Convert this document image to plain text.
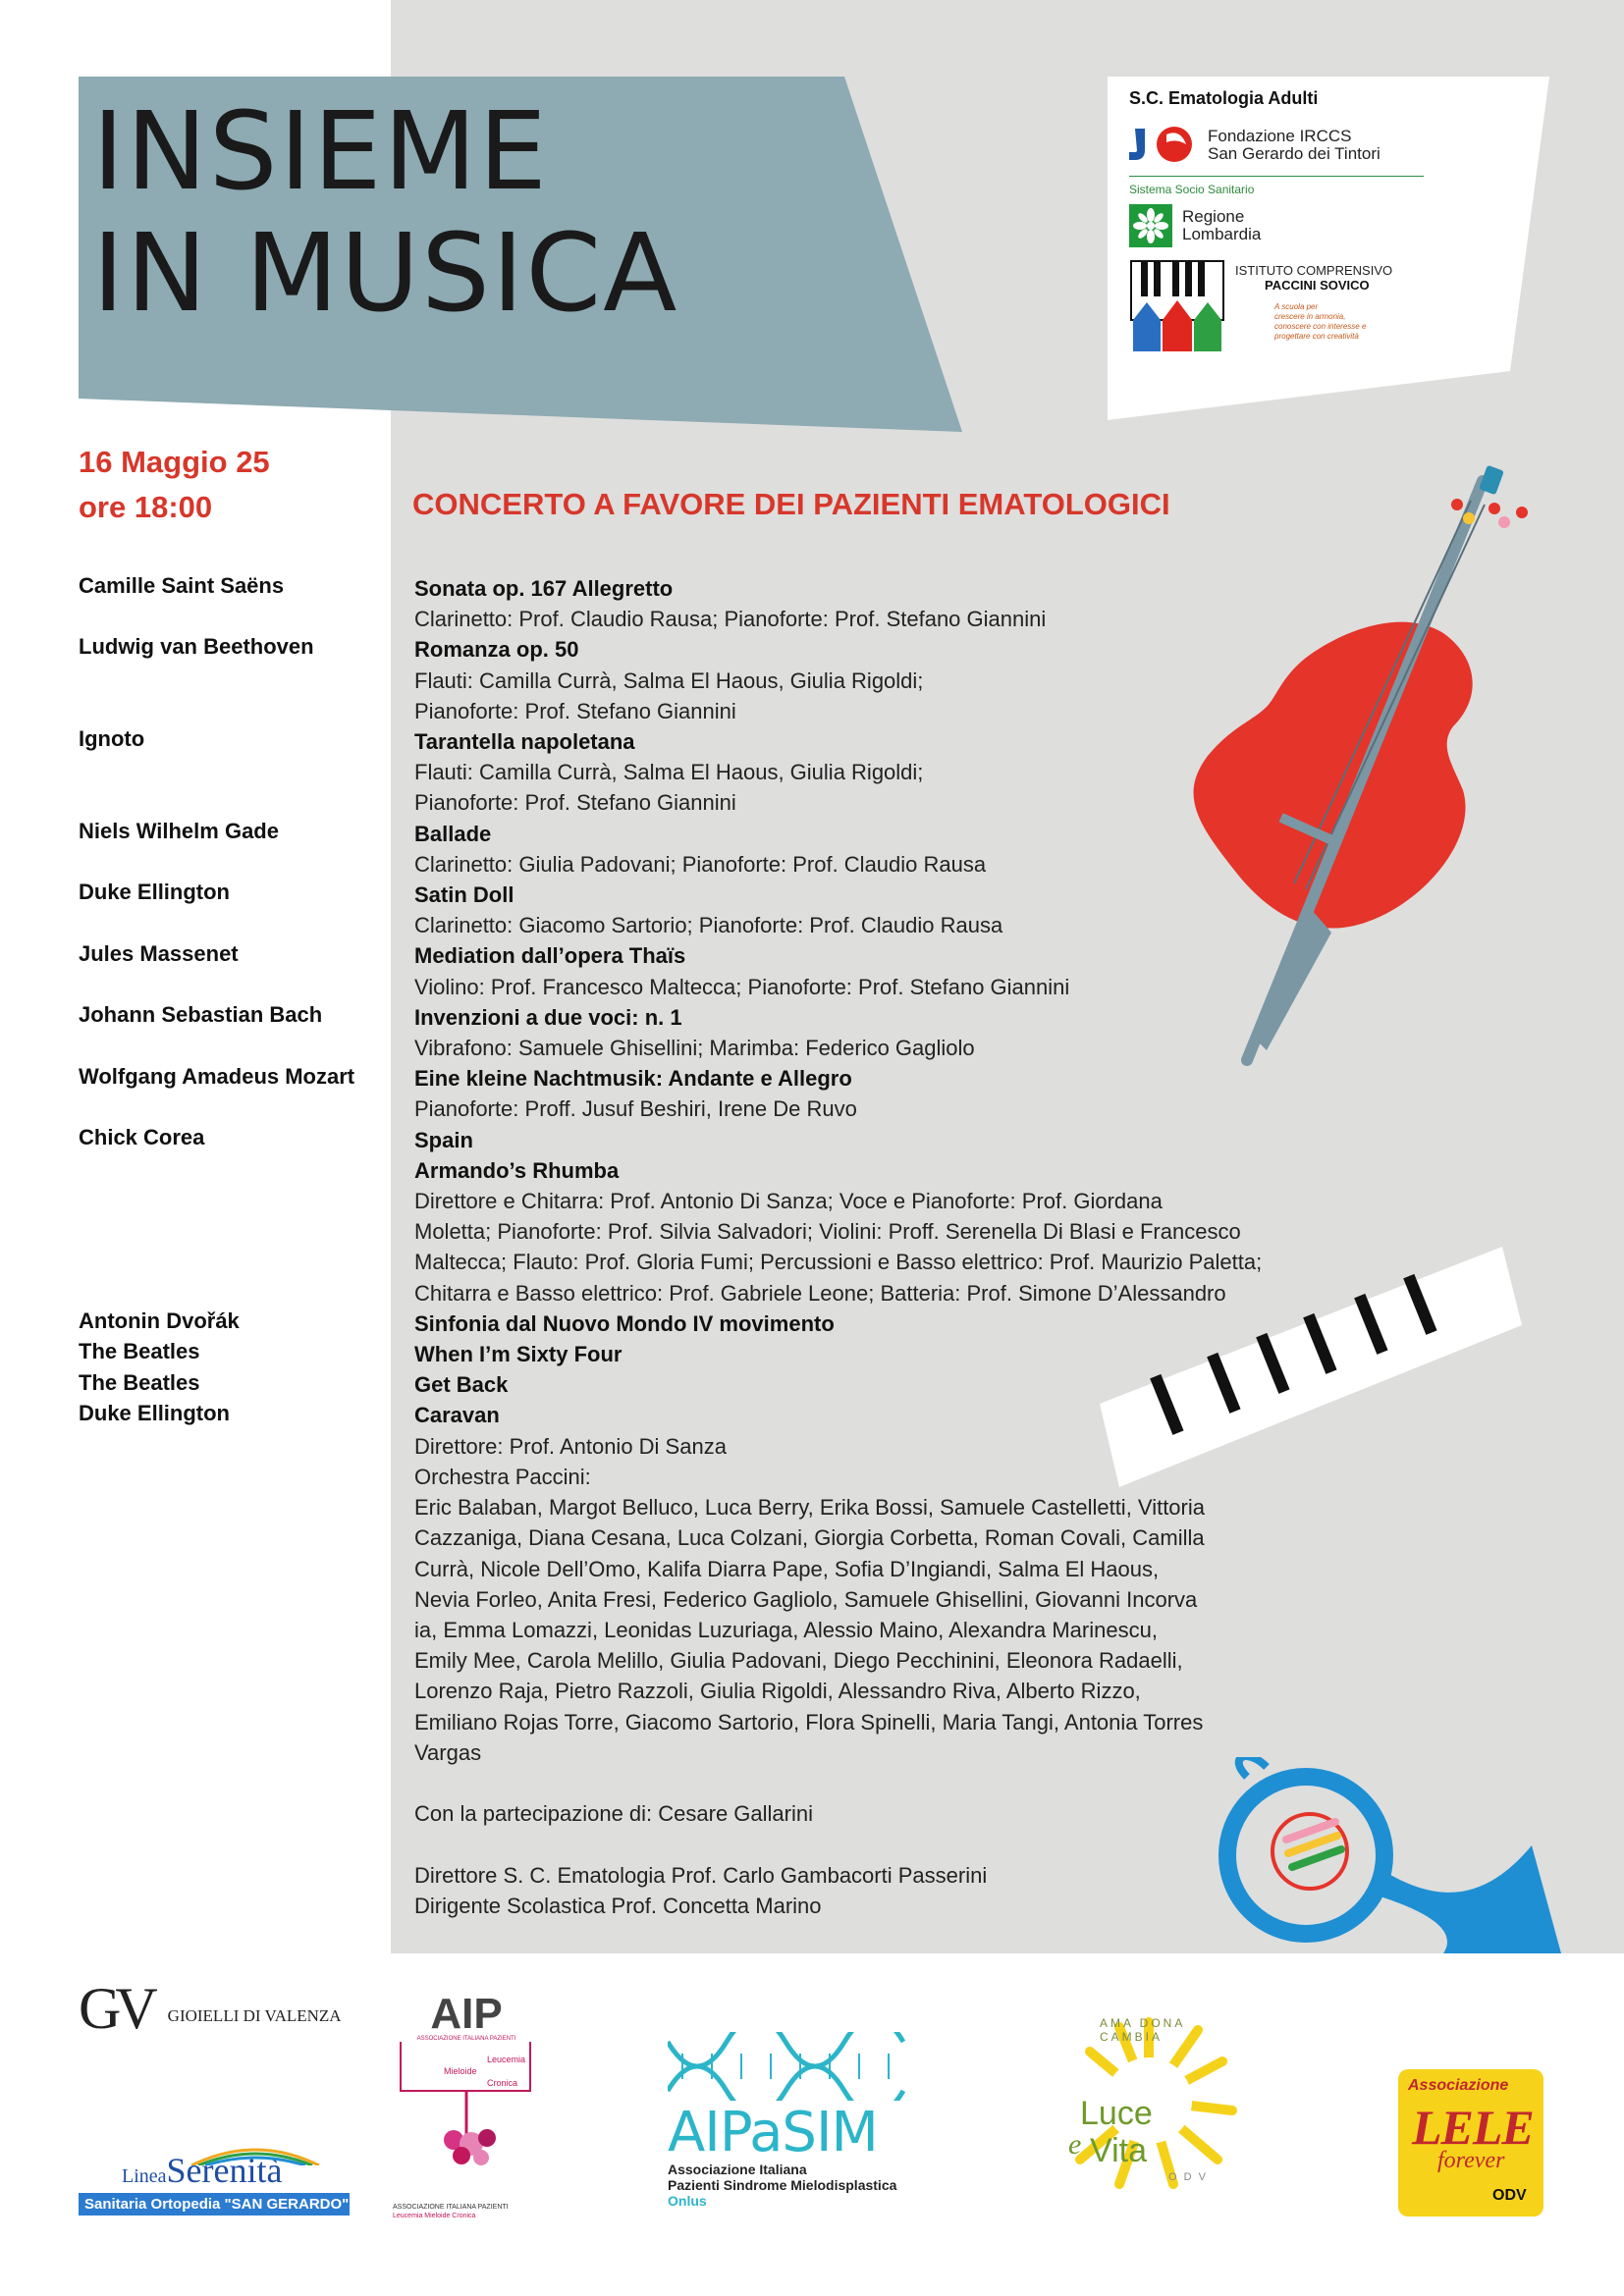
INSIEME
IN MUSICA
S.C. Ematologia Adulti
Fondazione IRCCS
San Gerardo dei Tintori
Sistema Socio Sanitario
Regione
Lombardia
ISTITUTO COMPRENSIVO
PACCINI SOVICO
A scuola per
crescere in armonia,
conoscere con interesse e
progettare con creatività
16 Maggio 25
ore 18:00	CONCERTO A FAVORE DEI PAZIENTI EMATOLOGICI
Camille Saint Saëns
Ludwig van Beethoven
Ignoto
Niels Wilhelm Gade
Duke Ellington
Jules Massenet
Johann Sebastian Bach
Wolfgang Amadeus Mozart
Chick Corea
Antonin Dvořák
The Beatles
The Beatles
Duke Ellington
Sonata op. 167 Allegretto
Clarinetto: Prof. Claudio Rausa; Pianoforte: Prof. Stefano Giannini
Romanza op. 50
Flauti: Camilla Currà, Salma El Haous, Giulia Rigoldi;
Pianoforte: Prof. Stefano Giannini
Tarantella napoletana
Flauti: Camilla Currà, Salma El Haous, Giulia Rigoldi;
Pianoforte: Prof. Stefano Giannini
Ballade
Clarinetto: Giulia Padovani; Pianoforte: Prof. Claudio Rausa
Satin Doll
Clarinetto: Giacomo Sartorio; Pianoforte: Prof. Claudio Rausa
Mediation dall’opera Thaïs
Violino: Prof. Francesco Maltecca; Pianoforte: Prof. Stefano Giannini
Invenzioni a due voci: n. 1
Vibrafono: Samuele Ghisellini; Marimba: Federico Gagliolo
Eine kleine Nachtmusik: Andante e Allegro
Pianoforte: Proff. Jusuf Beshiri, Irene De Ruvo
Spain
Armando’s Rhumba
Direttore e Chitarra: Prof. Antonio Di Sanza; Voce e Pianoforte: Prof. Giordana
Moletta; Pianoforte: Prof. Silvia Salvadori; Violini: Proff. Serenella Di Blasi e Francesco
Maltecca; Flauto: Prof. Gloria Fumi; Percussioni e Basso elettrico: Prof. Maurizio Paletta;
Chitarra e Basso elettrico: Prof. Gabriele Leone; Batteria: Prof. Simone D’Alessandro
Sinfonia dal Nuovo Mondo IV movimento
When I’m Sixty Four
Get Back
Caravan
Direttore: Prof. Antonio Di Sanza
Orchestra Paccini:
Eric Balaban, Margot Belluco, Luca Berry, Erika Bossi, Samuele Castelletti, Vittoria
Cazzaniga, Diana Cesana, Luca Colzani, Giorgia Corbetta, Roman Covali, Camilla
Currà, Nicole Dell’Omo, Kalifa Diarra Pape, Sofia D’Ingiandi, Salma El Haous,
Nevia Forleo, Anita Fresi, Federico Gagliolo, Samuele Ghisellini, Giovanni Incorva
ia, Emma Lomazzi, Leonidas Luzuriaga, Alessio Maino, Alexandra Marinescu,
Emily Mee, Carola Melillo, Giulia Padovani, Diego Pecchinini, Eleonora Radaelli,
Lorenzo Raja, Pietro Razzoli, Giulia Rigoldi, Alessandro Riva, Alberto Rizzo,
Emiliano Rojas Torre, Giacomo Sartorio, Flora Spinelli, Maria Tangi, Antonia Torres
Vargas
Con la partecipazione di: Cesare Gallarini
Direttore S. C. Ematologia Prof. Carlo Gambacorti Passerini
Dirigente Scolastica Prof. Concetta Marino
GV GIOIELLI DI VALENZA
LineaSerenità
Sanitaria Ortopedia "SAN GERARDO"
AIP
ASSOCIAZIONE ITALIANA PAZIENTI
Leucemia
Mieloide
Cronica
ASSOCIAZIONE ITALIANA PAZIENTI
Leucemia Mieloide Cronica
AIPaSIM
Associazione Italiana
Pazienti Sindrome Mielodisplastica
Onlus
AMA DONA CAMBIA
Luce
e Vita
O D V
Associazione
LELE
forever
ODV
